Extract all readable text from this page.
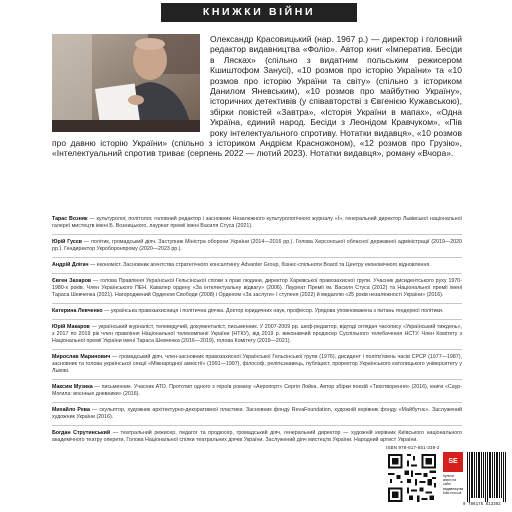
КНИЖКИ ВІЙНИ

Олександр Красовицький (нар. 1967 р.) — директор і головний редактор видавництва «Фоліо». Автор книг «Імператив. Бесіди в Лясках» (спільно з видатним польським режисером Кшиштофом Занусі), «10 розмов про історію України» та «10 розмов про історію України та світу» (спільно з істориком Данилом Яневським), «10 розмов про майбутню Україну», історичних детективів (у співавторстві з Євгенією Кужавською), збірки повістей «Завтра», «Історія України в мапах», «Одна Україна, єдиний народ. Бесіди з Леонідом Кравчуком», «Пів року інтелектуального спротиву. Нотатки видавця», «10 розмов про давню історію України» (спільно з істориком Андрієм Красножоном), «12 розмов про Грузію», «Інтелектуальний спротив триває (серпень 2022 — лютий 2023). Нотатки видавця», роману «Вчора».

Тарас Возняк — культуролог, політолог, головний редактор і засновник Незалежного культурологічного журналу «Ї», генеральний директор Львівської національної галереї мистецтв імені Б. Возницького, лауреат премії імені Василя Стуса (2021).
Юрій Гусєв — політик, громадський діяч. Заступник Міністра оборони України (2014—2016 рр.). Голова Херсонської обласної державної адміністрації (2019—2020 рр.). Гендиректор Укроборонпрому (2020—2023 рр.).
Андрій Длігач — економіст. Засновник агентства стратегічного консалтингу Advanter Group, бізнес-спільноти Board та Центру економічного відновлення.
Євген Захаров — голова Правління Української Гельсінської спілки з прав людини, директор Харківської правозахисної групи. Учасник дисидентського руху 1970-1980-х років. Член Українського ПЕН. Кавалер ордену «За інтелектуальну відвагу» (2006). Лауреат Премії ім. Василя Стуса (2012) та Національної премії імені Тараса Шевченка (2021). Нагороджений Орденом Свободи (2008) і Орденом «За заслуги» I ступеня (2022) й медаллю «25 років незалежності України» (2016).
Катерина Левченко — українська правозахисниця і політична діячка. Доктор юридичних наук, професор. Урядова уповноважена з питань гендерної політики.
Юрій Макаров — український журналіст, телеведучий, документаліст, письменник. У 2007-2009 рр. шеф-редактор, відтоді оглядач часопису «Український тиждень», з 2017 по 2019 рік член правління Національної телекомпанії України (НТКУ), від 2019 р. виконавчий продюсер Суспільного телебачення НСТУ. Член Комітету з Національної премії України імені Тараса Шевченка (2016—2019), голова Комітету (2019—2021).
Мирослав Маринович — громадський діяч, член-засновник правозахисної Української Гельсінської групи (1976), дисидент і політв'язень часів СРСР (1977—1987), засновник та голова української секції «Міжнародної амністії» (1991—1997), філософ, релігієзнавець, публіцист, проректор Українського католицького університету у Львові.
Максим Музика — письменник. Учасник АТО. Прототип одного з героїв роману «Аеропорт» Сергія Лойка. Автор збірки поезій «Тихотворення» (2016), книги «Саур-Могила: воєнные дневники» (2016).
Михайло Рева — скульптор, художник архітектурно-декоративної пластики. Засновник фонду RevaFoundation, художній керівник фонду «Майбутнє». Заслужений художник України (2016).
Богдан Струтинський — театральний режисер, педагог та продюсер, громадський діяч, генеральний директор — художній керівник Київського національного академічного театру оперети, Голова Національної спілки театральних діячів України. Заслужений діяч мистецтв України. Народний артист України.
ISBN 978-617-551-339-2
SE
Купити книги на сайті видавництва folio.com.ua
9 786175 513392
